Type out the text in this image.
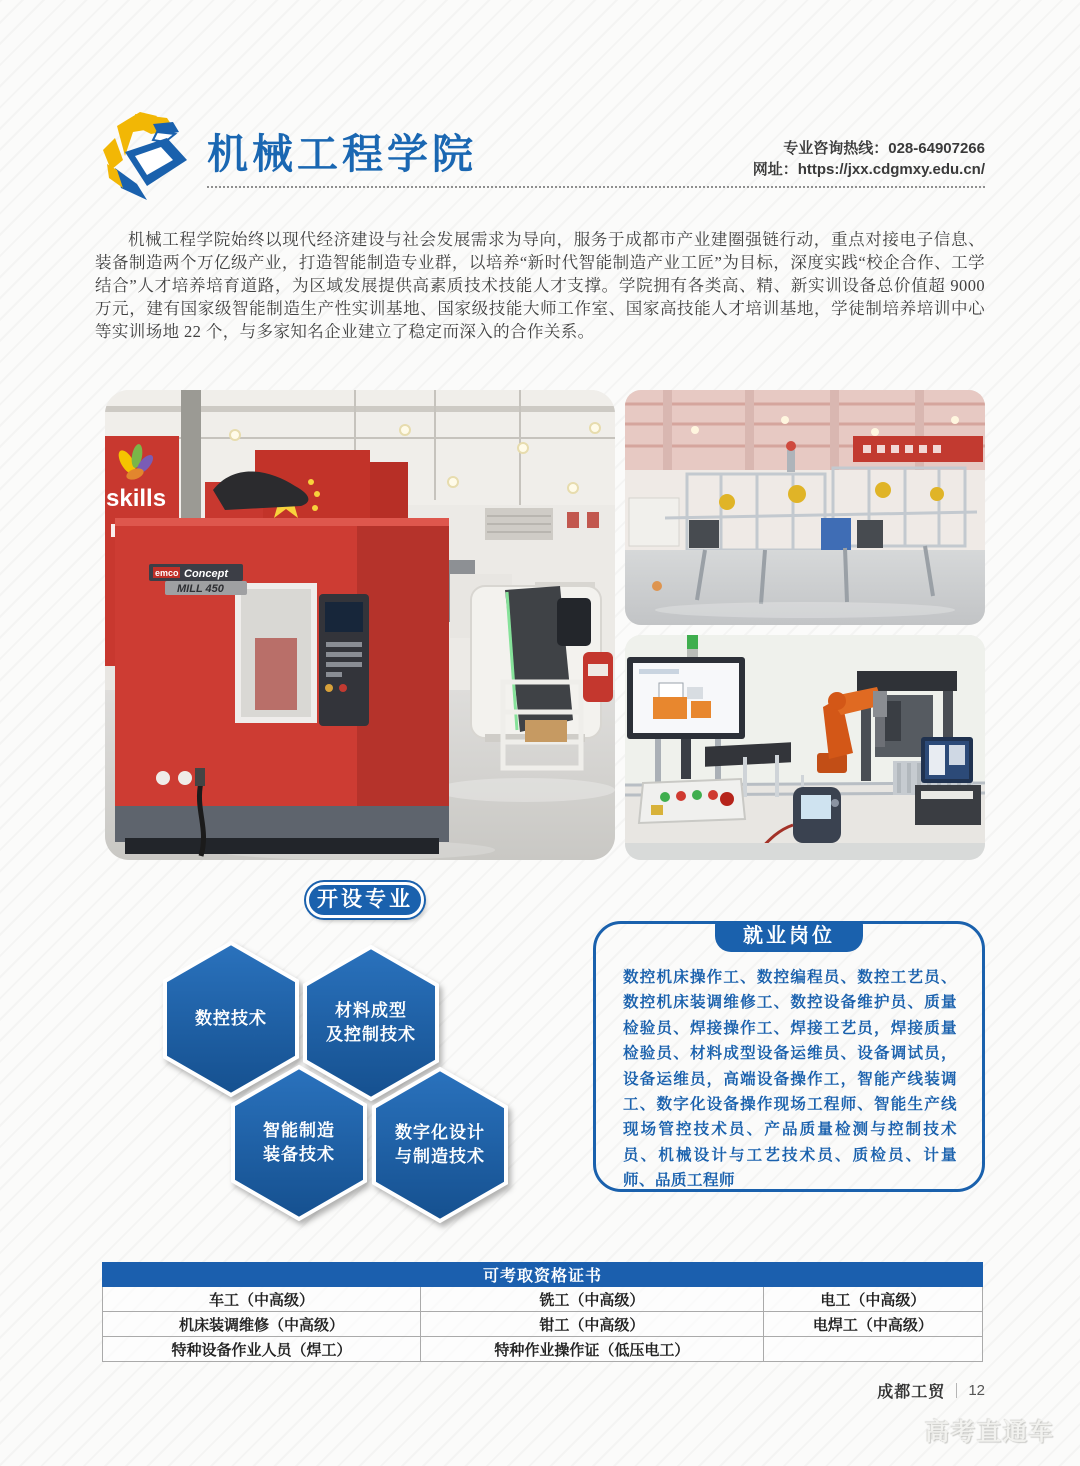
机械工程学院	专业咨询热线：028-64907266
网址：https://jxx.cdgmxy.edu.cn/

机械工程学院始终以现代经济建设与社会发展需求为导向，服务于成都市产业建圈强链行动，重点对接电子信息、装备制造两个万亿级产业，打造智能制造专业群，以培养“新时代智能制造产业工匠”为目标，深度实践“校企合作、工学结合”人才培养培育道路，为区域发展提供高素质技术技能人才支撑。学院拥有各类高、精、新实训设备总价值超 9000 万元，建有国家级智能制造生产性实训基地、国家级技能大师工作室、国家高技能人才培训基地，学徒制培养培训中心等实训场地 22 个，与多家知名企业建立了稳定而深入的合作关系。

skills
emco Concept
MILL 450
开设专业
数控技术	材料成型
及控制技术
智能制造
装备技术
数字化设计
与制造技术
就业岗位

数控机床操作工、数控编程员、数控工艺员、数控机床装调维修工、数控设备维护员、质量检验员、焊接操作工、焊接工艺员，焊接质量检验员、材料成型设备运维员、设备调试员，设备运维员，高端设备操作工，智能产线装调工、数字化设备操作现场工程师、智能生产线现场管控技术员、产品质量检测与控制技术员、机械设计与工艺技术员、质检员、计量师、品质工程师

可考取资格证书		
车工（中高级）	铣工（中高级）	电工（中高级）
机床装调维修（中高级）	钳工（中高级）	电焊工（中高级）
特种设备作业人员（焊工）	特种作业操作证（低压电工）	
成都工贸 12
高考直通车
